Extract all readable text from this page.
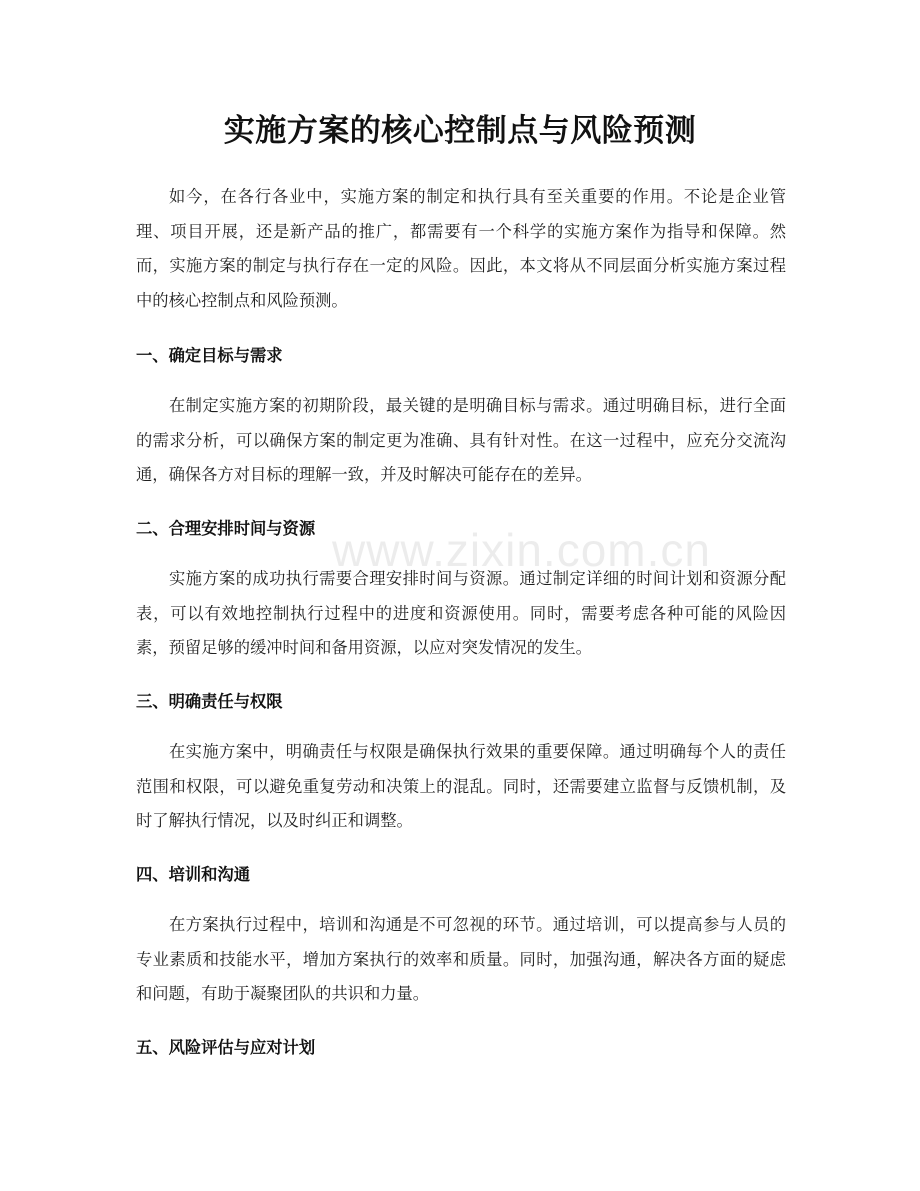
实施方案的核心控制点与风险预测

如今，在各行各业中，实施方案的制定和执行具有至关重要的作用。不论是企业管理、项目开展，还是新产品的推广，都需要有一个科学的实施方案作为指导和保障。然而，实施方案的制定与执行存在一定的风险。因此，本文将从不同层面分析实施方案过程中的核心控制点和风险预测。

一、确定目标与需求

在制定实施方案的初期阶段，最关键的是明确目标与需求。通过明确目标，进行全面的需求分析，可以确保方案的制定更为准确、具有针对性。在这一过程中，应充分交流沟通，确保各方对目标的理解一致，并及时解决可能存在的差异。

二、合理安排时间与资源

实施方案的成功执行需要合理安排时间与资源。通过制定详细的时间计划和资源分配表，可以有效地控制执行过程中的进度和资源使用。同时，需要考虑各种可能的风险因素，预留足够的缓冲时间和备用资源，以应对突发情况的发生。

三、明确责任与权限

在实施方案中，明确责任与权限是确保执行效果的重要保障。通过明确每个人的责任范围和权限，可以避免重复劳动和决策上的混乱。同时，还需要建立监督与反馈机制，及时了解执行情况，以及时纠正和调整。

四、培训和沟通

在方案执行过程中，培训和沟通是不可忽视的环节。通过培训，可以提高参与人员的专业素质和技能水平，增加方案执行的效率和质量。同时，加强沟通，解决各方面的疑虑和问题，有助于凝聚团队的共识和力量。

五、风险评估与应对计划

www.zixin.com.cn
